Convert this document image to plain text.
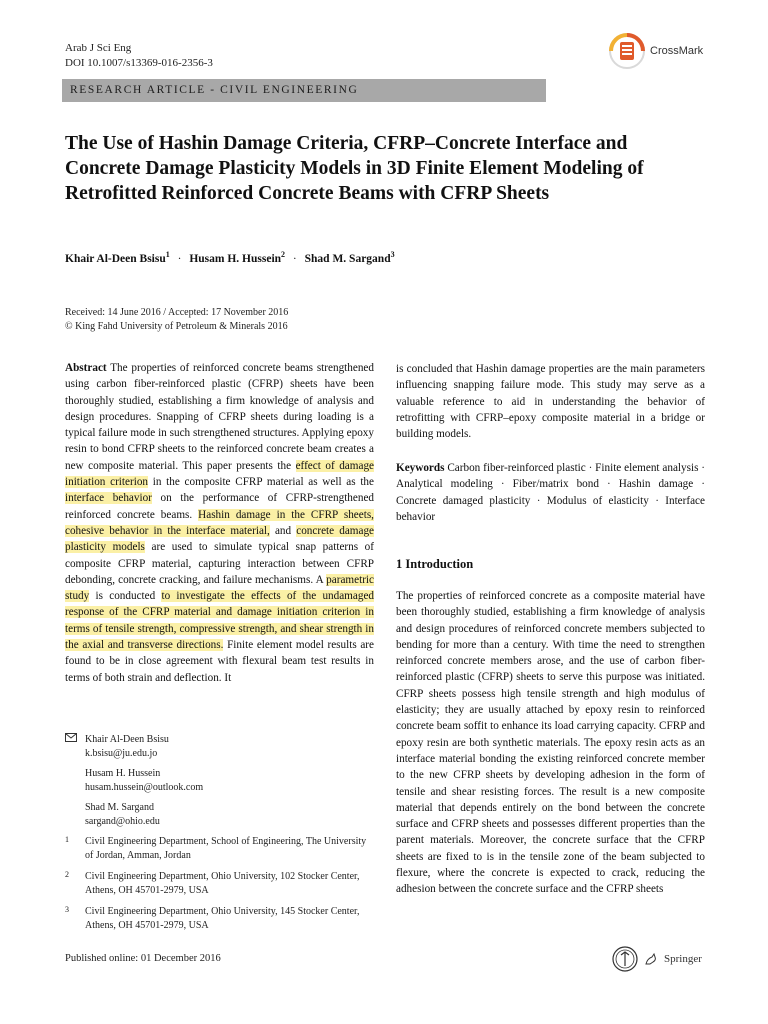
Arab J Sci Eng
DOI 10.1007/s13369-016-2356-3
CrossMark
RESEARCH ARTICLE - CIVIL ENGINEERING
The Use of Hashin Damage Criteria, CFRP–Concrete Interface and Concrete Damage Plasticity Models in 3D Finite Element Modeling of Retrofitted Reinforced Concrete Beams with CFRP Sheets
Khair Al-Deen Bsisu$^1$ · Husam H. Hussein$^2$ · Shad M. Sargand$^3$
Received: 14 June 2016 / Accepted: 17 November 2016
© King Fahd University of Petroleum & Minerals 2016
Abstract The properties of reinforced concrete beams strengthened using carbon fiber-reinforced plastic (CFRP) sheets have been thoroughly studied, establishing a firm knowledge of analysis and design procedures. Snapping of CFRP sheets during loading is a typical failure mode in such strengthened structures. Applying epoxy resin to bond CFRP sheets to the reinforced concrete beam creates a new composite material. This paper presents the effect of damage initiation criterion in the composite CFRP material as well as the interface behavior on the performance of CFRP-strengthened reinforced concrete beams. Hashin damage in the CFRP sheets, cohesive behavior in the interface material, and concrete damage plasticity models are used to simulate typical snap patterns of composite CFRP material, capturing interaction between CFRP debonding, concrete cracking, and failure mechanisms. A parametric study is conducted to investigate the effects of the undamaged response of the CFRP material and damage initiation criterion in terms of tensile strength, compressive strength, and shear strength in the axial and transverse directions. Finite element model results are found to be in close agreement with flexural beam test results in terms of both strain and deflection. It
Khair Al-Deen Bsisu
k.bsisu@ju.edu.jo
Husam H. Hussein
husam.hussein@outlook.com
Shad M. Sargand
sargand@ohio.edu
1	Civil Engineering Department, School of Engineering, The University of Jordan, Amman, Jordan
2	Civil Engineering Department, Ohio University, 102 Stocker Center, Athens, OH 45701-2979, USA
3	Civil Engineering Department, Ohio University, 145 Stocker Center, Athens, OH 45701-2979, USA
is concluded that Hashin damage properties are the main parameters influencing snapping failure mode. This study may serve as a valuable reference to aid in understanding the behavior of retrofitting with CFRP–epoxy composite material in a bridge or building models.
Keywords Carbon fiber-reinforced plastic · Finite element analysis · Analytical modeling · Fiber/matrix bond · Hashin damage · Concrete damaged plasticity · Modulus of elasticity · Interface behavior
1 Introduction
The properties of reinforced concrete as a composite material have been thoroughly studied, establishing a firm knowledge of analysis and design procedures of reinforced concrete members subjected to bending for more than a century. With time the need to strengthen reinforced concrete members arose, and the use of carbon fiber-reinforced plastic (CFRP) sheets to serve this purpose was initiated. CFRP sheets possess high tensile strength and high modulus of elasticity; they are usually attached by epoxy resin to reinforced concrete beam soffit to enhance its load carrying capacity. CFRP and epoxy resin are both synthetic materials. The epoxy resin acts as an interface material bonding the existing reinforced concrete member to the new CFRP sheets by developing adhesion in the form of tensile and shear resisting forces. The result is a new composite material that depends entirely on the bond between the concrete surface and CFRP sheets and possesses different properties than the parent materials. Moreover, the concrete surface that the CFRP sheets are fixed to is in the tensile zone of the beam subjected to flexure, where the concrete is expected to crack, reducing the adhesion between the concrete surface and the CFRP sheets
Published online: 01 December 2016	Springer
